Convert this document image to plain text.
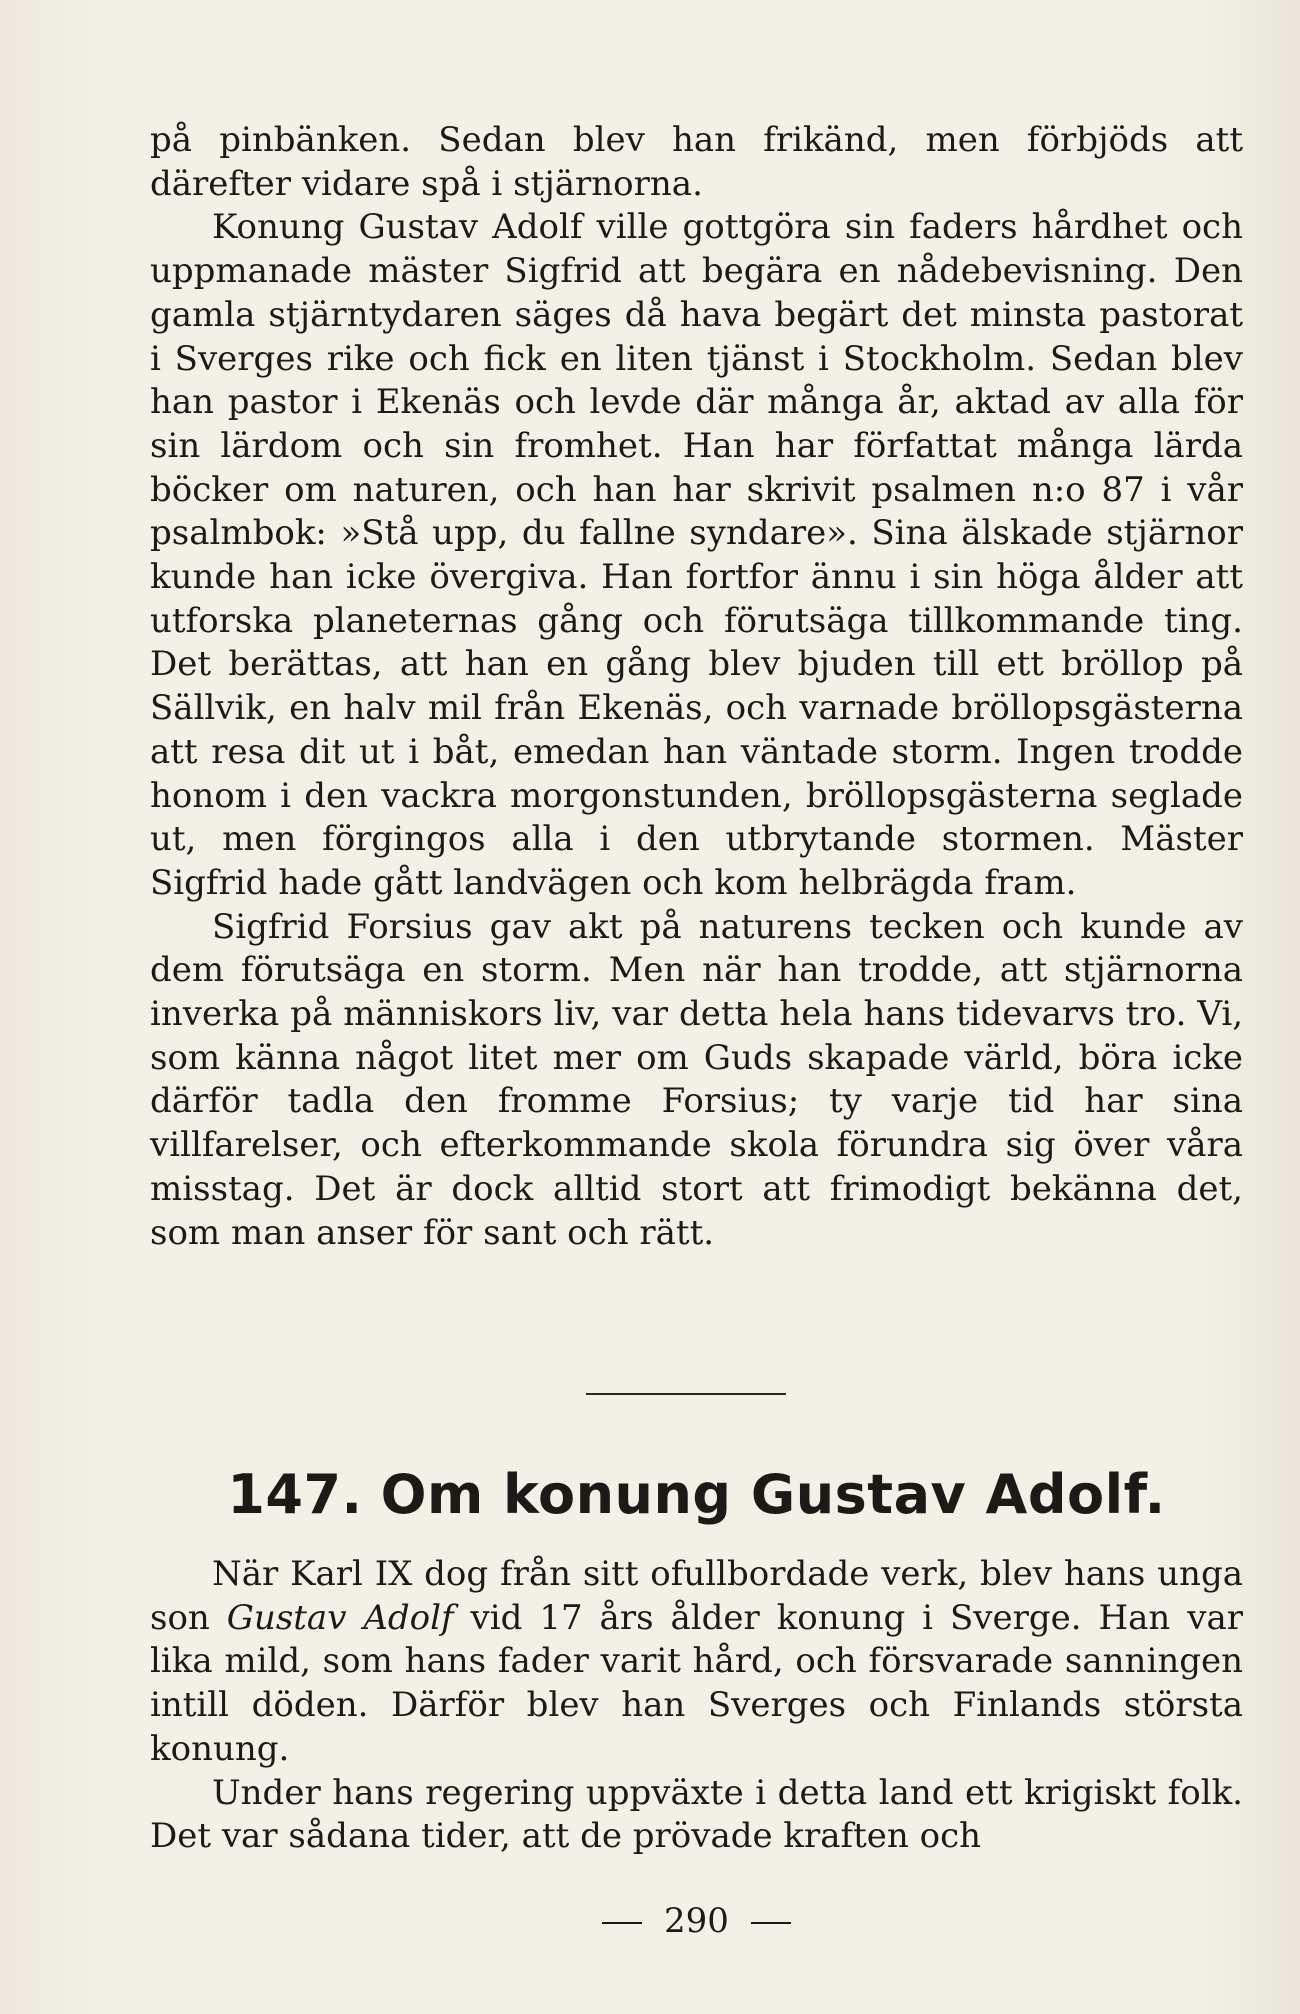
på pinbänken. Sedan blev han frikänd, men förbjöds att därefter vidare spå i stjärnorna.

Konung Gustav Adolf ville gottgöra sin faders hårdhet och uppmanade mäster Sigfrid att begära en nådebevisning. Den gamla stjärntydaren säges då hava begärt det minsta pastorat i Sverges rike och fick en liten tjänst i Stockholm. Sedan blev han pastor i Ekenäs och levde där många år, aktad av alla för sin lärdom och sin fromhet. Han har författat många lärda böcker om naturen, och han har skrivit psalmen n:o 87 i vår psalmbok: »Stå upp, du fallne syndare». Sina älskade stjärnor kunde han icke övergiva. Han fortfor ännu i sin höga ålder att utforska planeternas gång och förutsäga tillkommande ting. Det berättas, att han en gång blev bjuden till ett bröllop på Sällvik, en halv mil från Ekenäs, och varnade bröllopsgästerna att resa dit ut i båt, emedan han väntade storm. Ingen trodde honom i den vackra morgonstunden, bröllopsgästerna seglade ut, men förgingos alla i den utbrytande stormen. Mäster Sigfrid hade gått landvägen och kom helbrägda fram.

Sigfrid Forsius gav akt på naturens tecken och kunde av dem förutsäga en storm. Men när han trodde, att stjärnorna inverka på människors liv, var detta hela hans tidevarvs tro. Vi, som känna något litet mer om Guds skapade värld, böra icke därför tadla den fromme Forsius; ty varje tid har sina villfarelser, och efterkommande skola förundra sig över våra misstag. Det är dock alltid stort att frimodigt bekänna det, som man anser för sant och rätt.

147. Om konung Gustav Adolf.

När Karl IX dog från sitt ofullbordade verk, blev hans unga son Gustav Adolf vid 17 års ålder konung i Sverge. Han var lika mild, som hans fader varit hård, och försvarade sanningen intill döden. Därför blev han Sverges och Finlands största konung.

Under hans regering uppväxte i detta land ett krigiskt folk. Det var sådana tider, att de prövade kraften och

290
